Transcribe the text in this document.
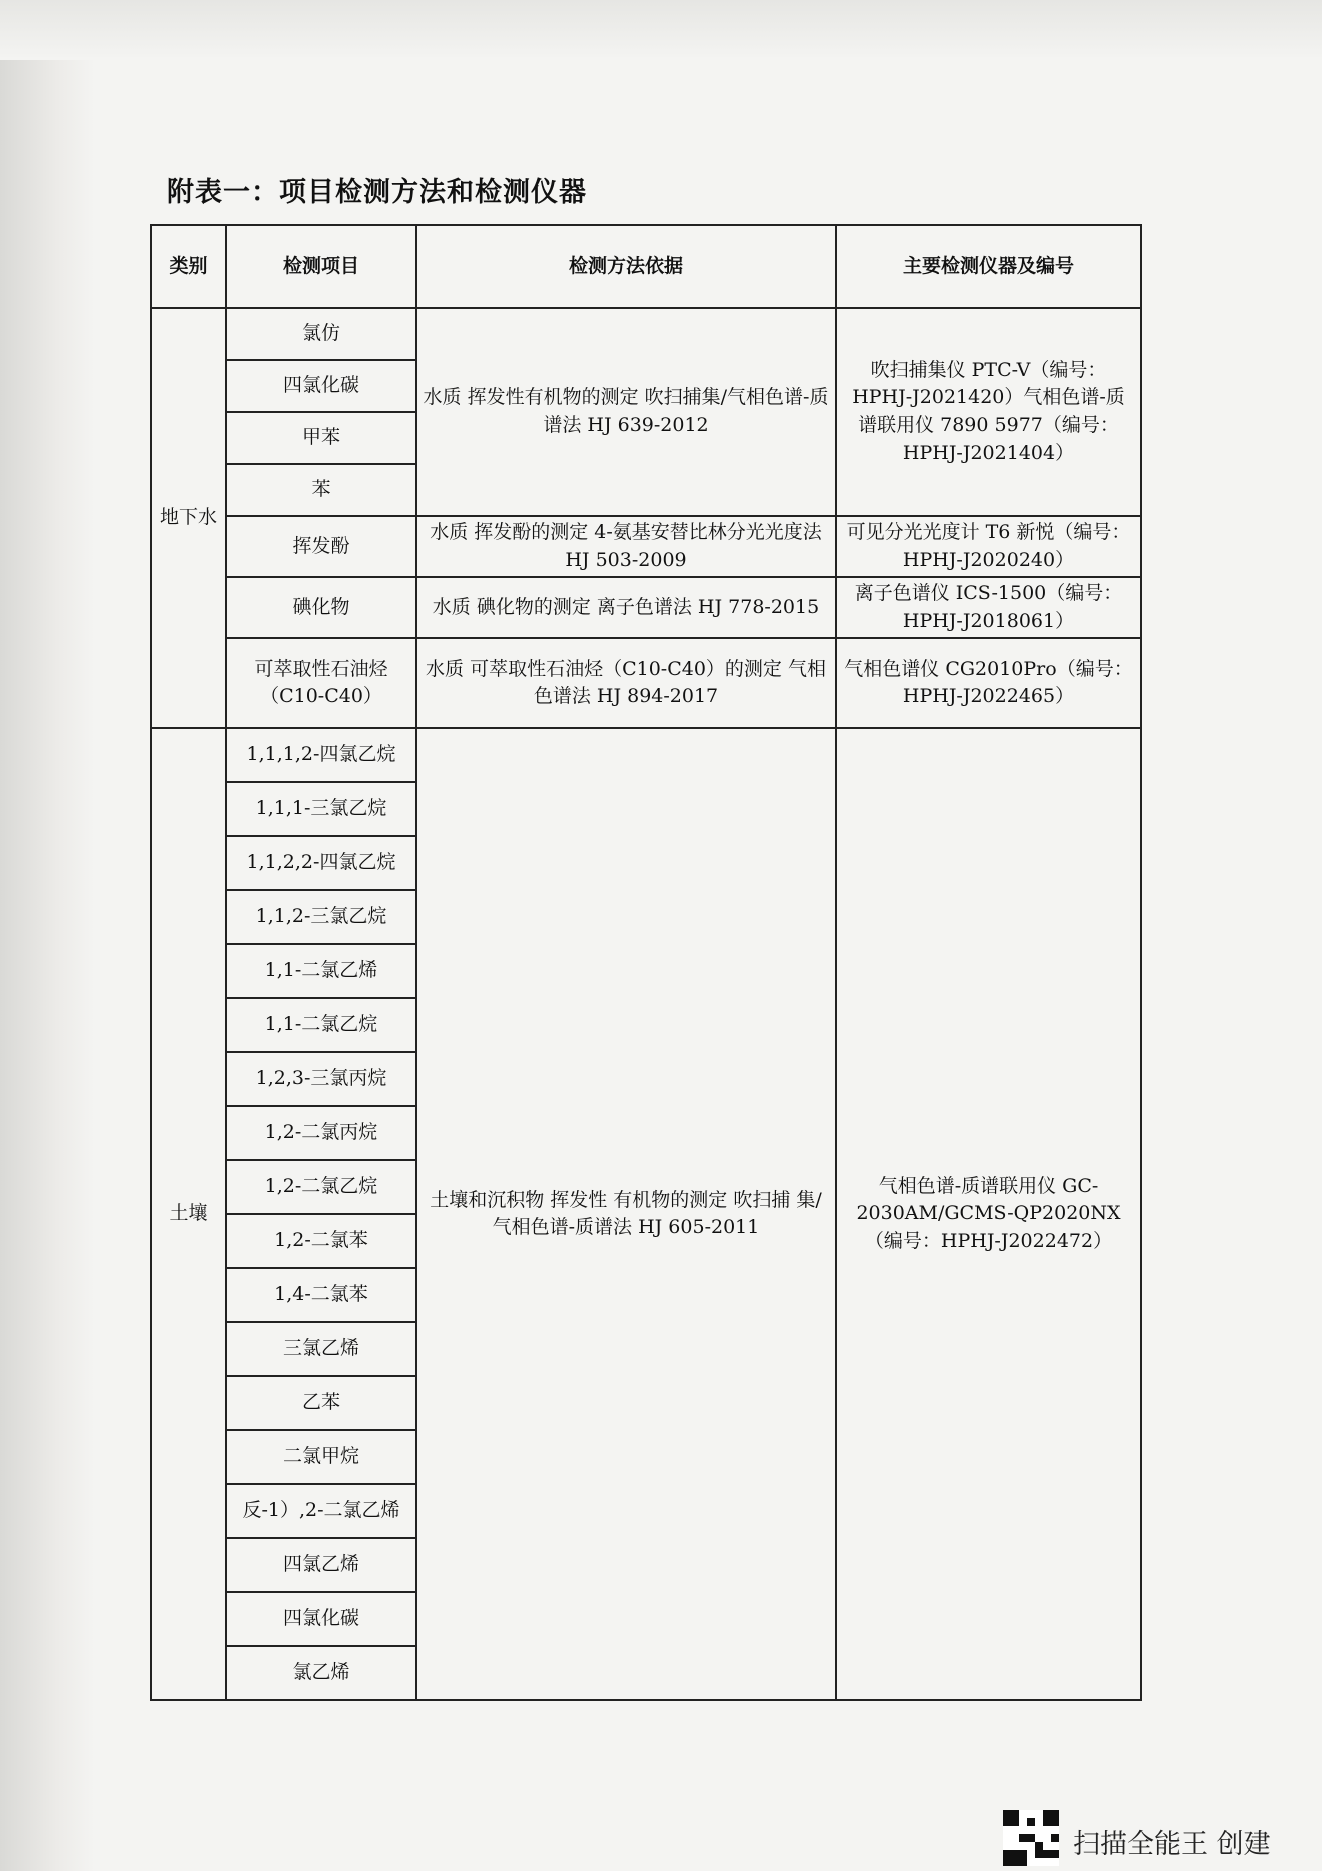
附表一：项目检测方法和检测仪器
类别	检测项目	检测方法依据	主要检测仪器及编号
地下水	氯仿	水质 挥发性有机物的测定 吹扫捕集/气相色谱-质谱法 HJ 639-2012	吹扫捕集仪 PTC-V（编号：HPHJ-J2021420）气相色谱-质谱联用仪 7890 5977（编号：HPHJ-J2021404）
	四氯化碳		
	甲苯		
	苯		
	挥发酚	水质 挥发酚的测定 4-氨基安替比林分光光度法 HJ 503-2009	可见分光光度计 T6 新悦（编号：HPHJ-J2020240）
	碘化物	水质 碘化物的测定 离子色谱法 HJ 778-2015	离子色谱仪 ICS-1500（编号：HPHJ-J2018061）
	可萃取性石油烃（C10-C40）	水质 可萃取性石油烃（C10-C40）的测定 气相色谱法 HJ 894-2017	气相色谱仪 CG2010Pro（编号：HPHJ-J2022465）
土壤	1,1,1,2-四氯乙烷	土壤和沉积物 挥发性 有机物的测定 吹扫捕 集/气相色谱-质谱法 HJ 605-2011	气相色谱-质谱联用仪 GC-2030AM/GCMS-QP2020NX（编号：HPHJ-J2022472）
	1,1,1-三氯乙烷		
	1,1,2,2-四氯乙烷		
	1,1,2-三氯乙烷		
	1,1-二氯乙烯		
	1,1-二氯乙烷		
	1,2,3-三氯丙烷		
	1,2-二氯丙烷		
	1,2-二氯乙烷		
	1,2-二氯苯		
	1,4-二氯苯		
	三氯乙烯		
	乙苯		
	二氯甲烷		
	反-1）,2-二氯乙烯		
	四氯乙烯		
	四氯化碳		
	氯乙烯		
扫描全能王 创建
